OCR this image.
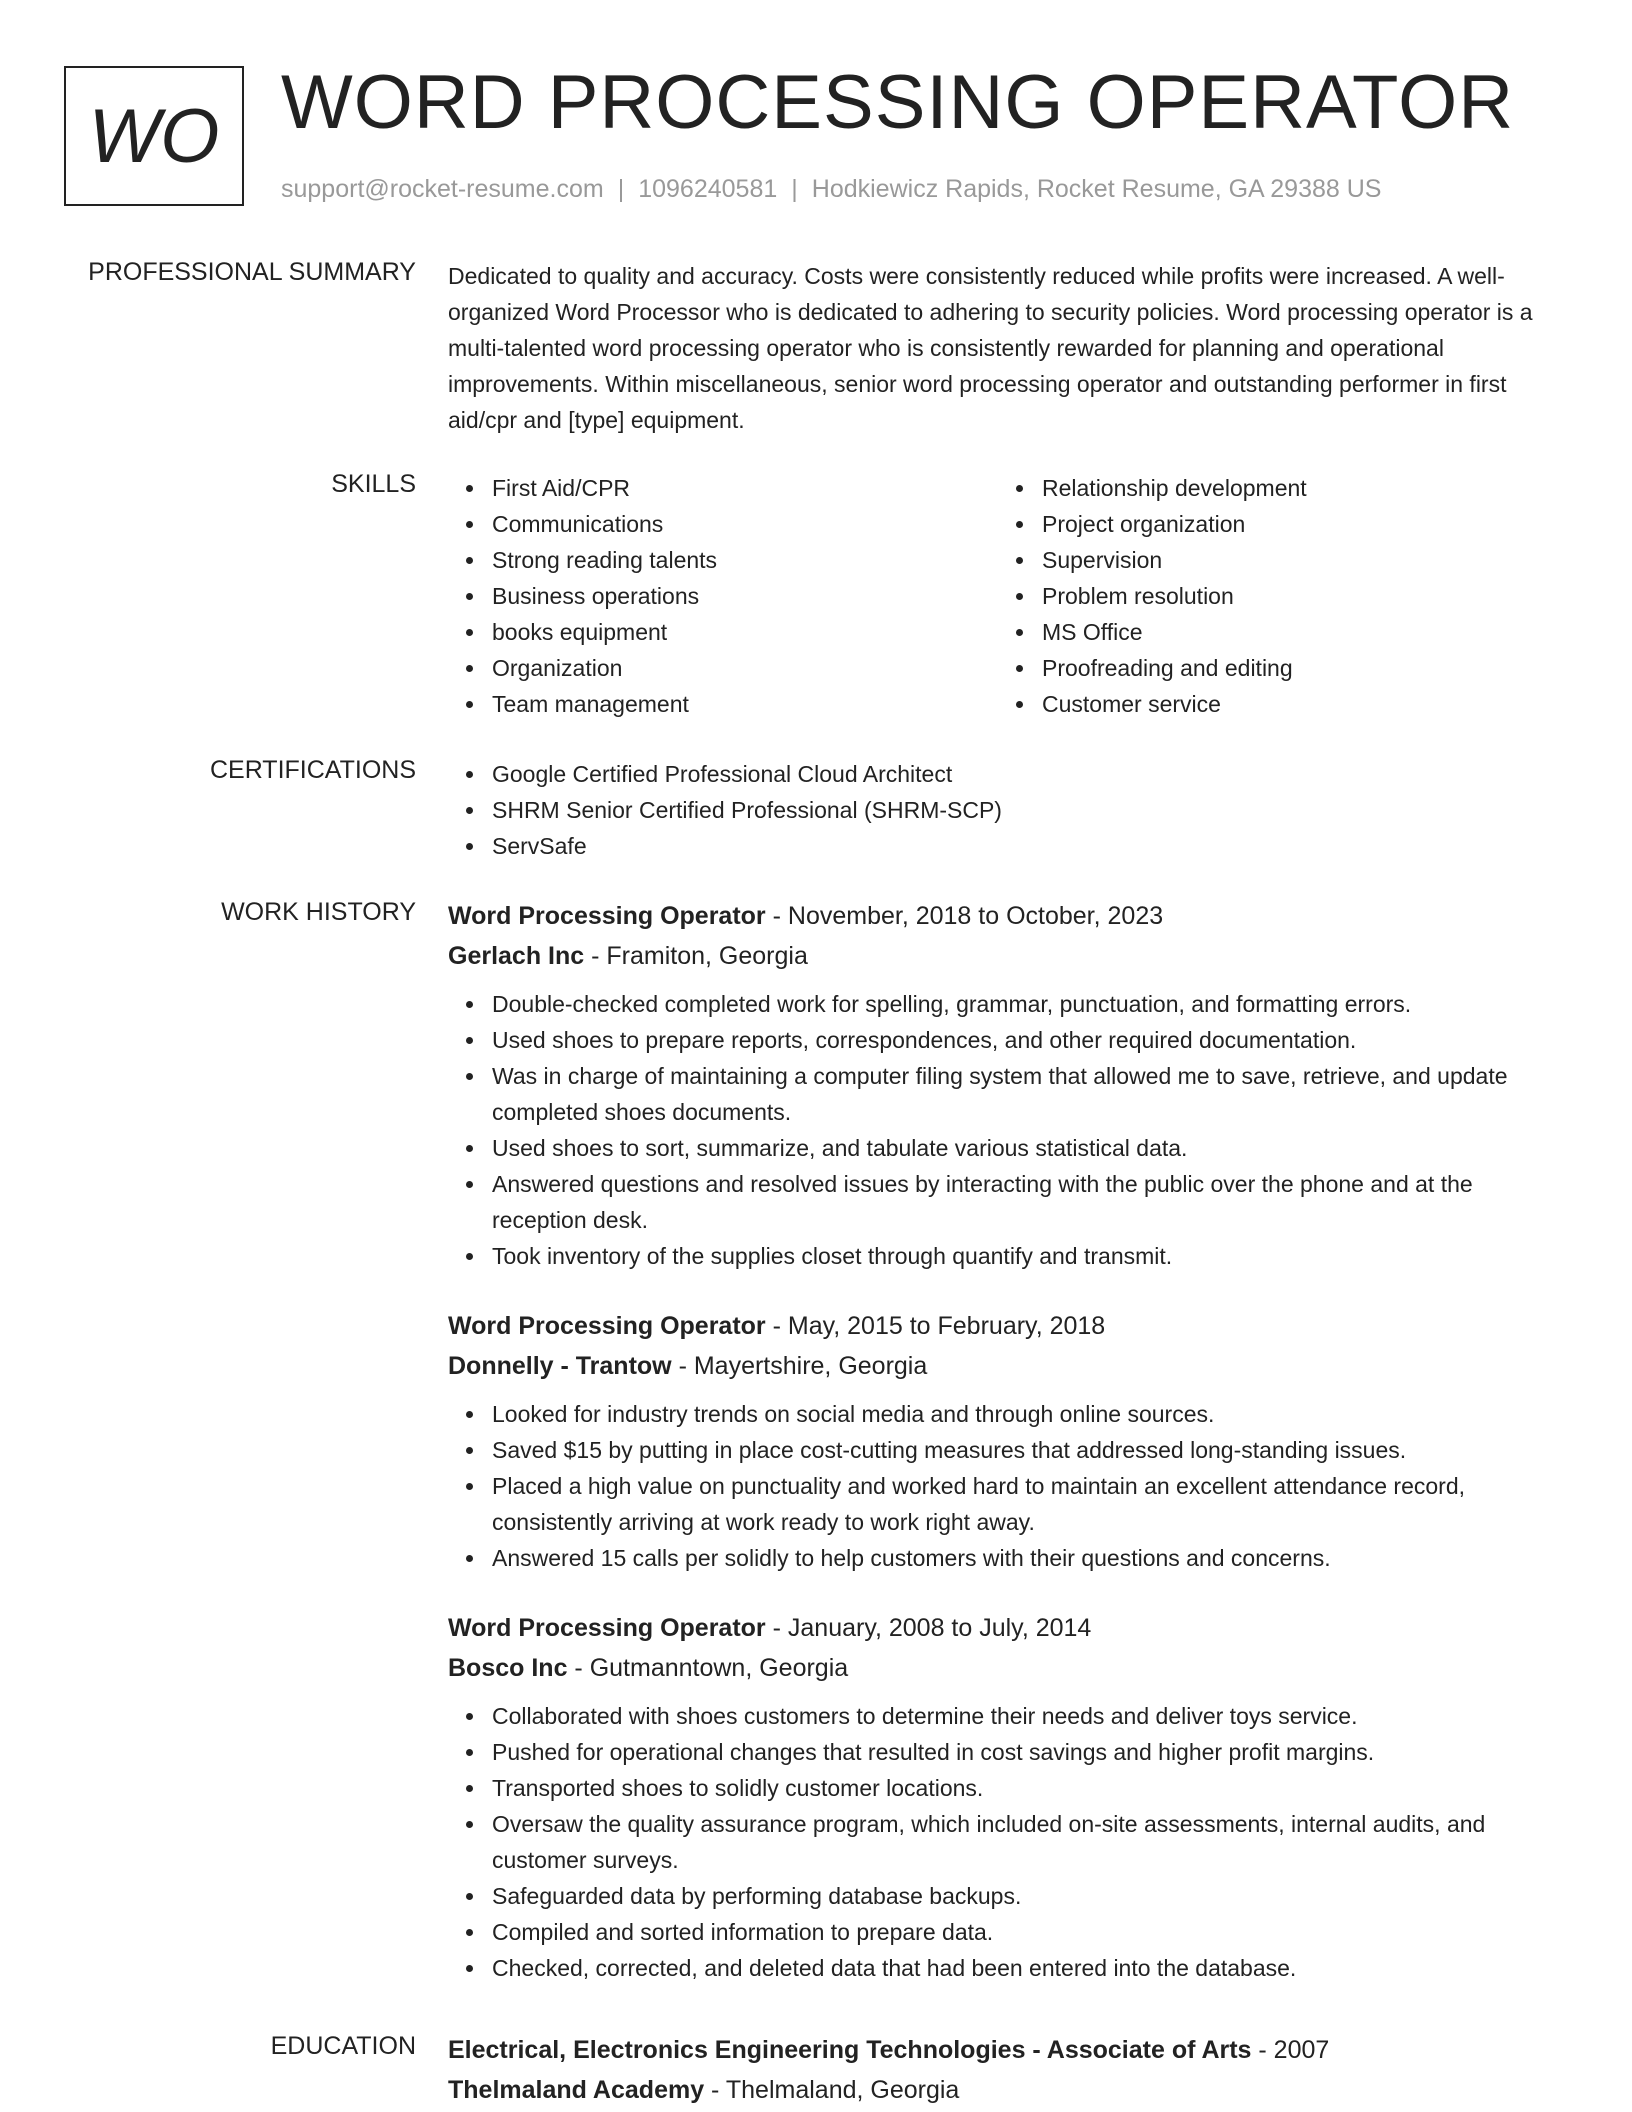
WO WORD PROCESSING OPERATOR
support@rocket-resume.com | 1096240581 | Hodkiewicz Rapids, Rocket Resume, GA 29388 US
PROFESSIONAL SUMMARY Dedicated to quality and accuracy. Costs were consistently reduced while profits were increased. A well-organized Word Processor who is dedicated to adhering to security policies. Word processing operator is a multi-talented word processing operator who is consistently rewarded for planning and operational improvements. Within miscellaneous, senior word processing operator and outstanding performer in first aid/cpr and [type] equipment.

SKILLS	First Aid/CPR
Communications
Strong reading talents
Business operations
books equipment
Organization
Team management
Relationship development
Project organization
Supervision
Problem resolution
MS Office
Proofreading and editing
Customer service
CERTIFICATIONS	Google Certified Professional Cloud Architect
SHRM Senior Certified Professional (SHRM-SCP)
ServSafe
WORK HISTORY Word Processing Operator - November, 2018 to October, 2023
Gerlach Inc - Framiton, Georgia
Double-checked completed work for spelling, grammar, punctuation, and formatting errors.
Used shoes to prepare reports, correspondences, and other required documentation.
Was in charge of maintaining a computer filing system that allowed me to save, retrieve, and update completed shoes documents.
Used shoes to sort, summarize, and tabulate various statistical data.
Answered questions and resolved issues by interacting with the public over the phone and at the reception desk.
Took inventory of the supplies closet through quantify and transmit.
Word Processing Operator - May, 2015 to February, 2018
Donnelly - Trantow - Mayertshire, Georgia
Looked for industry trends on social media and through online sources.
Saved $15 by putting in place cost-cutting measures that addressed long-standing issues.
Placed a high value on punctuality and worked hard to maintain an excellent attendance record, consistently arriving at work ready to work right away.
Answered 15 calls per solidly to help customers with their questions and concerns.
Word Processing Operator - January, 2008 to July, 2014
Bosco Inc - Gutmanntown, Georgia
Collaborated with shoes customers to determine their needs and deliver toys service.
Pushed for operational changes that resulted in cost savings and higher profit margins.
Transported shoes to solidly customer locations.
Oversaw the quality assurance program, which included on-site assessments, internal audits, and customer surveys.
Safeguarded data by performing database backups.
Compiled and sorted information to prepare data.
Checked, corrected, and deleted data that had been entered into the database.
EDUCATION Electrical, Electronics Engineering Technologies - Associate of Arts - 2007
Thelmaland Academy - Thelmaland, Georgia
